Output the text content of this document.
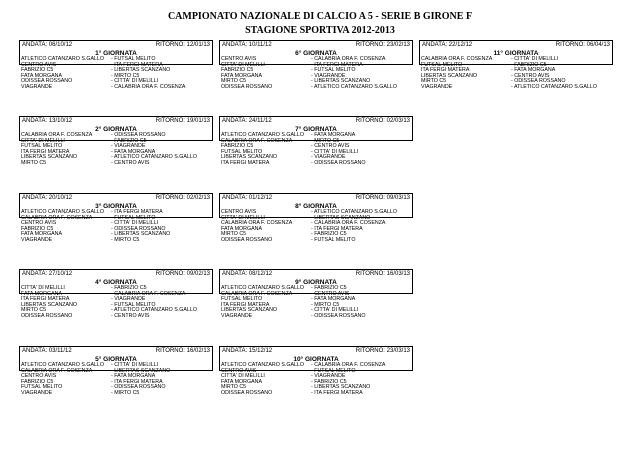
CAMPIONATO NAZIONALE DI CALCIO A 5 - SERIE B GIRONE F
STAGIONE SPORTIVA 2012-2013
ANDATA: 06/10/12	RITORNO: 12/01/13
1° GIORNATA
ATLETICO CATANZARO S.GALLO - FUTSAL MELITO
CENTRO AVIS	- ITA FERGI MATERA
FABRIZIO C5	- LIBERTAS SCANZANO
FATA MORGANA	- MIRTO C5
ODISSEA ROSSANO	- CITTA' DI MELILLI
VIAGRANDE	- CALABRIA ORA F. COSENZA
ANDATA: 13/10/12	RITORNO: 19/01/13
2° GIORNATA
CALABRIA ORA F. COSENZA	- ODISSEA ROSSANO
CITTA' DI MELILLI	- FABRIZIO C5
FUTSAL MELITO	- VIAGRANDE
ITA FERGI MATERA	- FATA MORGANA
LIBERTAS SCANZANO	- ATLETICO CATANZARO S.GALLO
MIRTO C5	- CENTRO AVIS
ANDATA: 20/10/12	RITORNO: 02/02/13
3° GIORNATA
ATLETICO CATANZARO S.GALLO - ITA FERGI MATERA
CALABRIA ORA F. COSENZA	- FUTSAL MELITO
CENTRO AVIS	- CITTA' DI MELILLI
FABRIZIO C5	- ODISSEA ROSSANO
FATA MORGANA	- LIBERTAS SCANZANO
VIAGRANDE	- MIRTO C5
ANDATA: 27/10/12	RITORNO: 09/02/13
4° GIORNATA
CITTA' DI MELILLI	- FABRIZIO C5
FATA MORGANA	- CALABRIA ORA F. COSENZA
ITA FERGI MATERA	- VIAGRANDE
LIBERTAS SCANZANO	- FUTSAL MELITO
MIRTO C5	- ATLETICO CATANZARO S.GALLO
ODISSEA ROSSANO	- CENTRO AVIS
ANDATA: 03/11/12	RITORNO: 16/02/13
5° GIORNATA
ATLETICO CATANZARO S.GALLO - CITTA' DI MELILLI
CALABRIA ORA F. COSENZA	- LIBERTAS SCANZANO
CENTRO AVIS	- FATA MORGANA
FABRIZIO C5	- ITA FERGI MATERA
FUTSAL MELITO	- ODISSEA ROSSANO
VIAGRANDE	- MIRTO C5
ANDATA: 10/11/12	RITORNO: 23/02/13
6° GIORNATA
CENTRO AVIS	- CALABRIA ORA F. COSENZA
CITTA' DI MELILLI	- ITA FERGI MATERA
FABRIZIO C5	- FUTSAL MELITO
FATA MORGANA	- VIAGRANDE
MIRTO C5	- LIBERTAS SCANZANO
ODISSEA ROSSANO	- ATLETICO CATANZARO S.GALLO
ANDATA: 24/11/12	RITORNO: 02/03/13
7° GIORNATA
ATLETICO CATANZARO S.GALLO - FATA MORGANA
CALABRIA ORA F. COSENZA	- MIRTO C5
FABRIZIO C5	- CENTRO AVIS
FUTSAL MELITO	- CITTA' DI MELILLI
LIBERTAS SCANZANO	- VIAGRANDE
ITA FERGI MATERA	- ODISSEA ROSSANO
ANDATA: 01/12/12	RITORNO: 09/03/13
8° GIORNATA
CENTRO AVIS	- ATLETICO CATANZARO S.GALLO
CITTA' DI MELILLI	- LIBERTAS SCANZANO
CALABRIA ORA F. COSENZA	- CALABRIA ORA F. COSENZA
FATA MORGANA	- ITA FERGI MATERA
MIRTO C5	- FABRIZIO C5
ODISSEA ROSSANO	- FUTSAL MELITO
ANDATA: 08/12/12	RITORNO: 16/03/13
9° GIORNATA
ATLETICO CATANZARO S.GALLO - FABRIZIO C5
CALABRIA ORA F. COSENZA	- CENTRO AVIS
FUTSAL MELITO	- FATA MORGANA
ITA FERGI MATERA	- MIRTO C5
LIBERTAS SCANZANO	- CITTA' DI MELILLI
VIAGRANDE	- ODISSEA ROSSANO
ANDATA: 15/12/12	RITORNO: 23/03/13
10° GIORNATA
ATLETICO CATANZARO S.GALLO - CALABRIA ORA F. COSENZA
CENTRO AVIS	- FUTSAL MELITO
CITTA' DI MELILLI	- VIAGRANDE
FATA MORGANA	- FABRIZIO C5
MIRTO C5	- LIBERTAS SCANZANO
ODISSEA ROSSANO	- ITA FERGI MATERA
ANDATA: 22/12/12	RITORNO: 06/04/13
11° GIORNATA
CALABRIA ORA F. COSENZA	- CITTA' DI MELILLI
FUTSAL MELITO	- FABRIZIO C5
ITA FERGI MATERA	- FATA MORGANA
LIBERTAS SCANZANO	- CENTRO AVIS
MIRTO C5	- ODISSEA ROSSANO
VIAGRANDE	- ATLETICO CATANZARO S.GALLO
